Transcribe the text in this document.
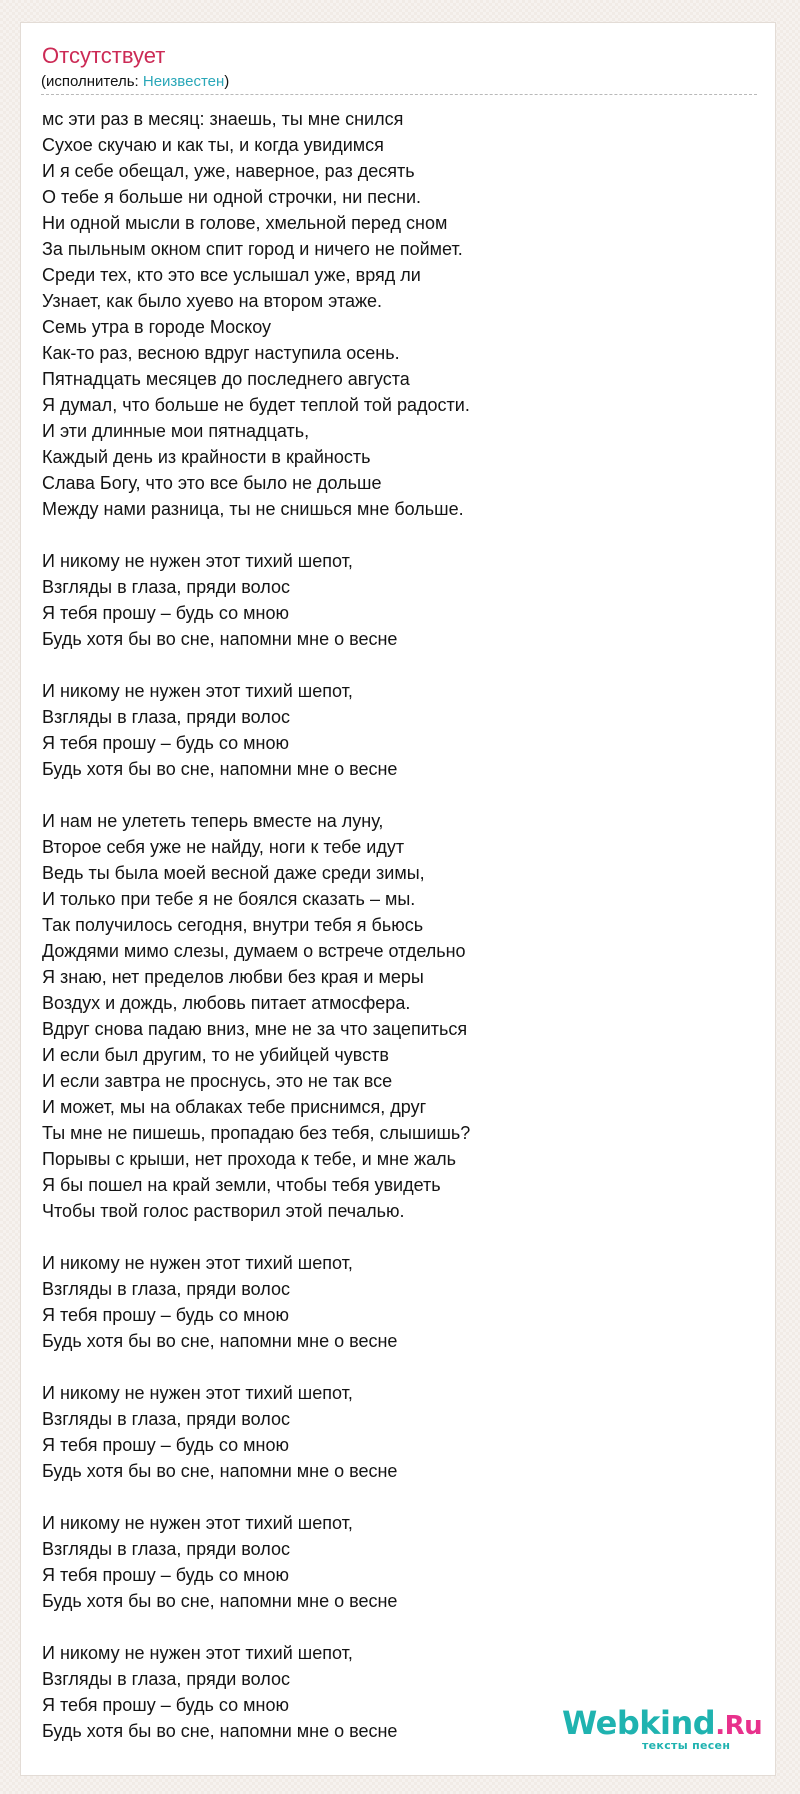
Отсутствует
(исполнитель: Неизвестен)
мс эти раз в месяц: знаешь, ты мне снился
Сухое скучаю и как ты, и когда увидимся
И я себе обещал, уже, наверное, раз десять
О тебе я больше ни одной строчки, ни песни.
Ни одной мысли в голове, хмельной перед сном
За пыльным окном спит город и ничего не поймет.
Среди тех, кто это все услышал уже, вряд ли
Узнает, как было хуево на втором этаже.
Семь утра в городе Москоу
Как-то раз, весною вдруг наступила осень.
Пятнадцать месяцев до последнего августа
Я думал, что больше не будет теплой той радости.
И эти длинные мои пятнадцать,
Каждый день из крайности в крайность
Слава Богу, что это все было не дольше
Между нами разница, ты не снишься мне больше.
И никому не нужен этот тихий шепот,
Взгляды в глаза, пряди волос
Я тебя прошу – будь со мною
Будь хотя бы во сне, напомни мне о весне
И никому не нужен этот тихий шепот,
Взгляды в глаза, пряди волос
Я тебя прошу – будь со мною
Будь хотя бы во сне, напомни мне о весне
И нам не улететь теперь вместе на луну,
Второе себя уже не найду, ноги к тебе идут
Ведь ты была моей весной даже среди зимы,
И только при тебе я не боялся сказать – мы.
Так получилось сегодня, внутри тебя я бьюсь
Дождями мимо слезы, думаем о встрече отдельно
Я знаю, нет пределов любви без края и меры
Воздух и дождь, любовь питает атмосфера.
Вдруг снова падаю вниз, мне не за что зацепиться
И если был другим, то не убийцей чувств
И если завтра не проснусь, это не так все
И может, мы на облаках тебе приснимся, друг
Ты мне не пишешь, пропадаю без тебя, слышишь?
Порывы с крыши, нет прохода к тебе, и мне жаль
Я бы пошел на край земли, чтобы тебя увидеть
Чтобы твой голос растворил этой печалью.
И никому не нужен этот тихий шепот,
Взгляды в глаза, пряди волос
Я тебя прошу – будь со мною
Будь хотя бы во сне, напомни мне о весне
И никому не нужен этот тихий шепот,
Взгляды в глаза, пряди волос
Я тебя прошу – будь со мною
Будь хотя бы во сне, напомни мне о весне
И никому не нужен этот тихий шепот,
Взгляды в глаза, пряди волос
Я тебя прошу – будь со мною
Будь хотя бы во сне, напомни мне о весне
И никому не нужен этот тихий шепот,
Взгляды в глаза, пряди волос
Я тебя прошу – будь со мною
Будь хотя бы во сне, напомни мне о весне	Webkind.Ru
тексты песен
